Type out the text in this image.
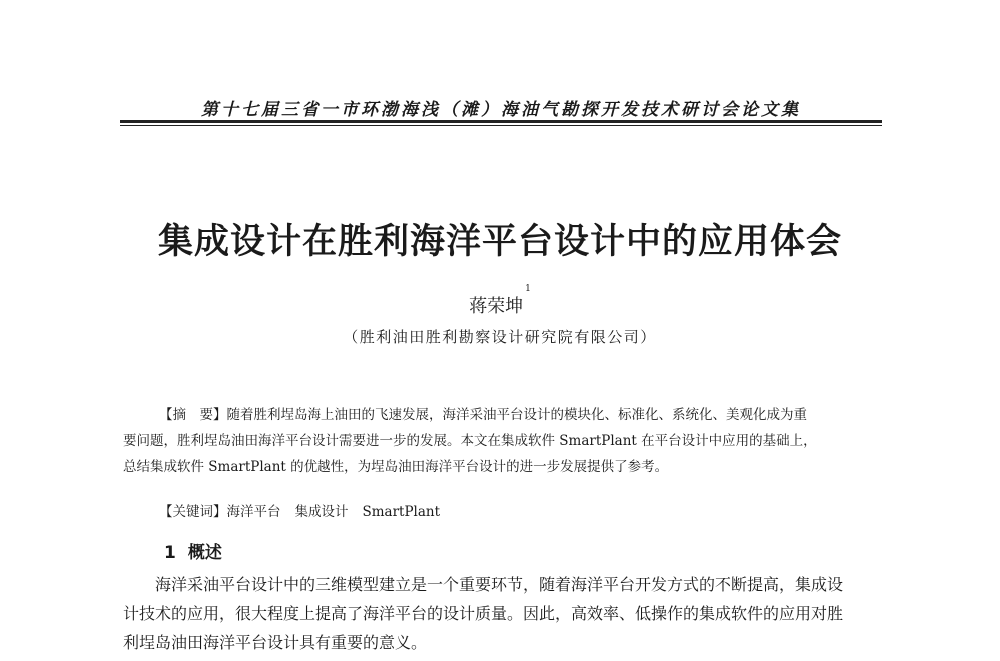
第十七届三省一市环渤海浅（滩）海油气勘探开发技术研讨会论文集
集成设计在胜利海洋平台设计中的应用体会
蒋荣坤$^1$
（胜利油田胜利勘察设计研究院有限公司）
【摘　要】随着胜利埕岛海上油田的飞速发展，海洋采油平台设计的模块化、标准化、系统化、美观化成为重
要问题，胜利埕岛油田海洋平台设计需要进一步的发展。本文在集成软件 SmartPlant 在平台设计中应用的基础上，
总结集成软件 SmartPlant 的优越性，为埕岛油田海洋平台设计的进一步发展提供了参考。
【关键词】海洋平台 集成设计 SmartPlant
1 概述
海洋采油平台设计中的三维模型建立是一个重要环节，随着海洋平台开发方式的不断提高，集成设
计技术的应用，很大程度上提高了海洋平台的设计质量。因此，高效率、低操作的集成软件的应用对胜
利埕岛油田海洋平台设计具有重要的意义。
